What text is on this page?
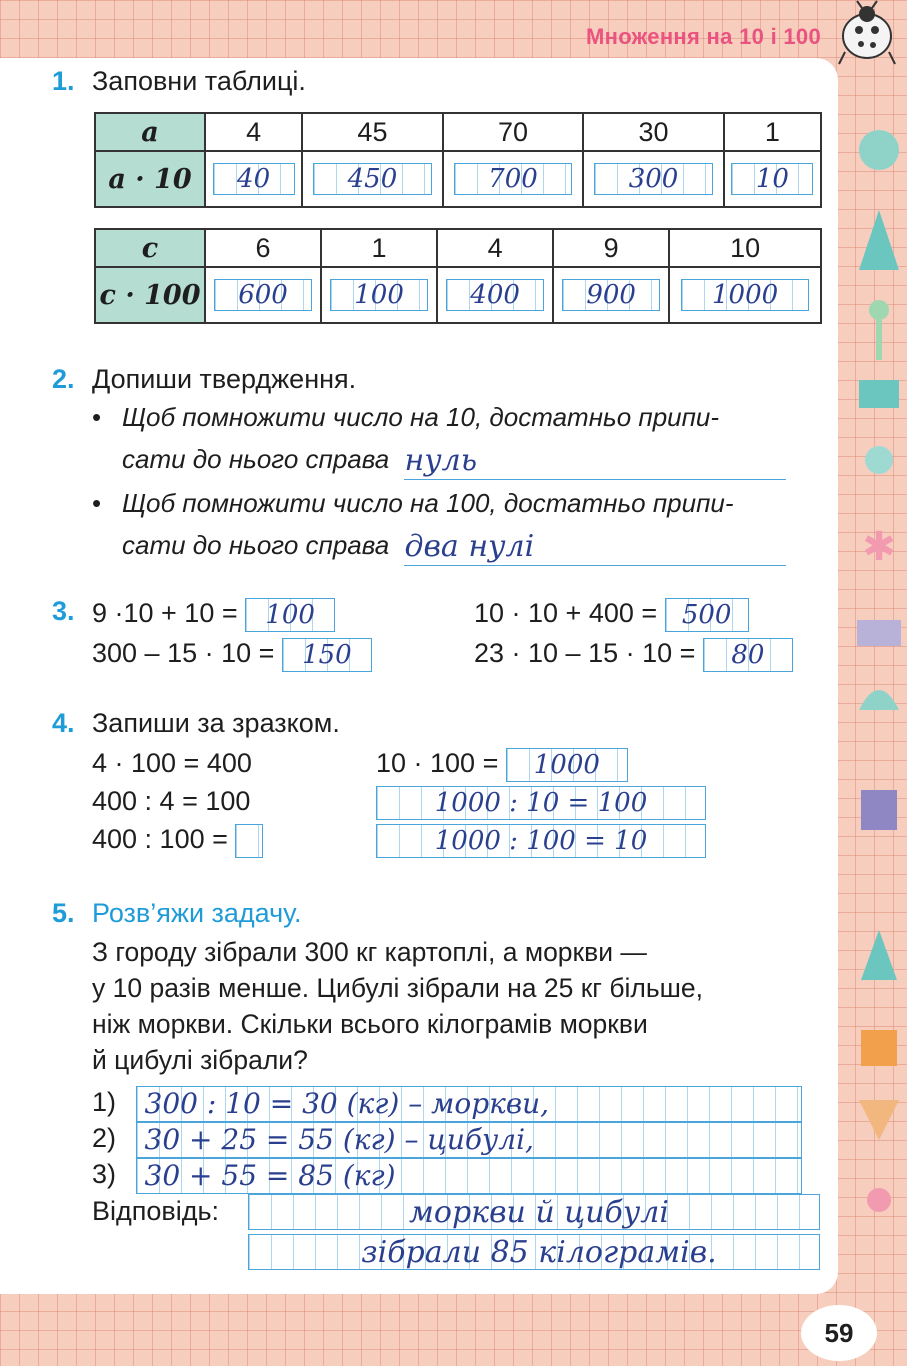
Множення на 10 і 100
✱
1. Заповни таблиці.
a	4	45	70	30	1
a · 10	40	450	700	300	10
c	6	1	4	9	10
c · 100	600	100	400	900	1000
2. Допиши твердження.
• Щоб помножити число на 10, достатньо припи-
сати до нього справа нуль
• Щоб помножити число на 100, достатньо припи-
сати до нього справа два нулі
3. 9 ·10 + 10 = 100
300 – 15 · 10 = 150
10 · 10 + 400 = 500
23 · 10 – 15 · 10 = 80
4. Запиши за зразком.
4 · 100 = 400
400 : 4 = 100
400 : 100 =
10 · 100 = 1000
1000 : 10 = 100
1000 : 100 = 10
5. Розв’яжи задачу.
З городу зібрали 300 кг картоплі, а моркви —
у 10 разів менше. Цибулі зібрали на 25 кг більше,
ніж моркви. Скільки всього кілограмів моркви
й цибулі зібрали?
1) 300 : 10 = 30 (кг) – моркви,
2) 30 + 25 = 55 (кг) – цибулі,
3) 30 + 55 = 85 (кг)
Відповідь:	моркви й цибулі
зібрали 85 кілограмів.
59
